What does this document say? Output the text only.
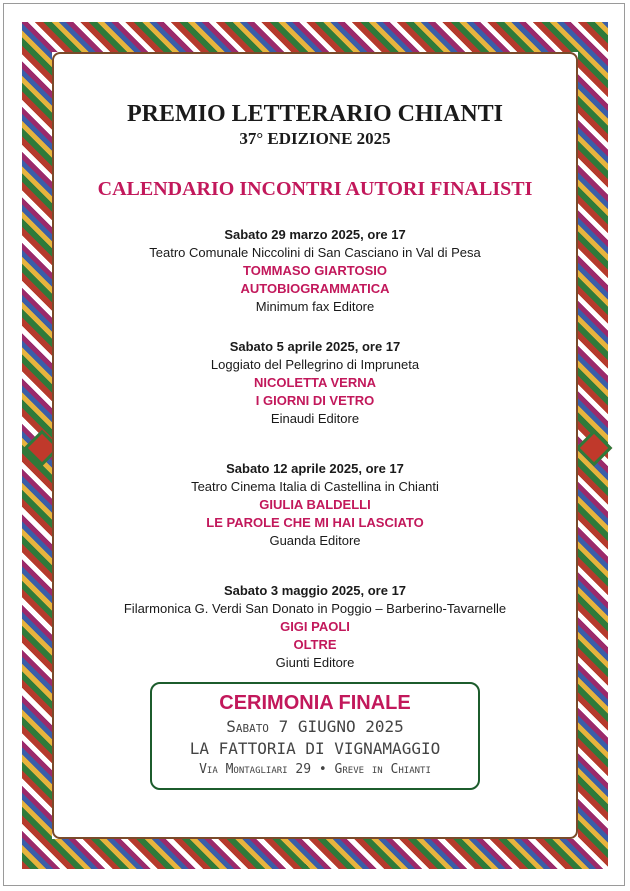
PREMIO LETTERARIO CHIANTI
37° EDIZIONE 2025
CALENDARIO INCONTRI AUTORI FINALISTI
Sabato 29 marzo 2025, ore 17
Teatro Comunale Niccolini di San Casciano in Val di Pesa
TOMMASO GIARTOSIO
AUTOBIOGRAMMATICA
Minimum fax Editore
Sabato 5 aprile 2025, ore 17
Loggiato del Pellegrino di Impruneta
NICOLETTA VERNA
I GIORNI DI VETRO
Einaudi Editore
Sabato 12 aprile 2025, ore 17
Teatro Cinema Italia di Castellina in Chianti
GIULIA BALDELLI
LE PAROLE CHE MI HAI LASCIATO
Guanda Editore
Sabato 3 maggio 2025, ore 17
Filarmonica G. Verdi San Donato in Poggio – Barberino-Tavarnelle
GIGI PAOLI
OLTRE
Giunti Editore
CERIMONIA FINALE
Sabato 7 GIUGNO 2025
LA FATTORIA DI VIGNAMAGGIO
Via Montagliari 29 • Greve in Chianti
